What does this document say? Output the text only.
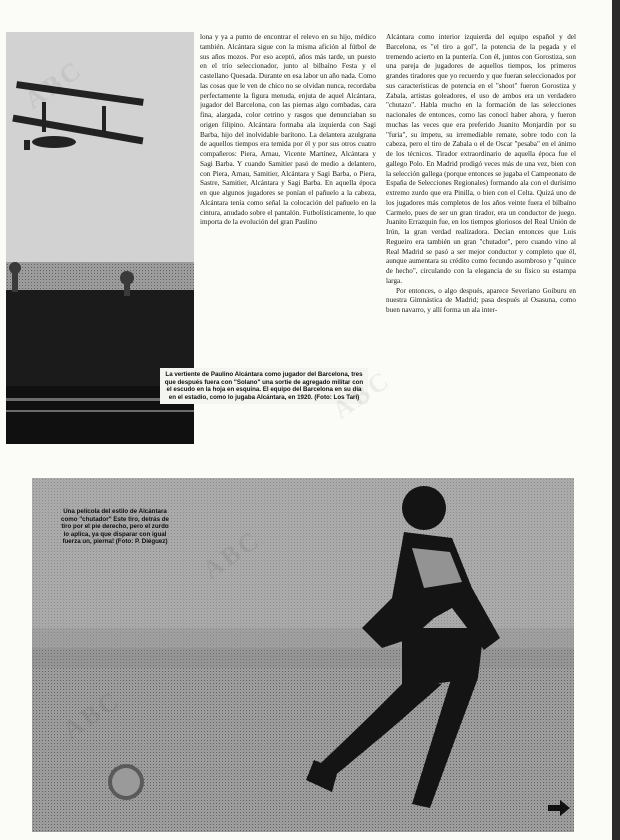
La vertiente de Paulino Alcántara como jugador del Barcelona, tres que después fuera con "Solano" una sortie de agregado militar con el escudo en la hoja en esquina. El equipo del Barcelona en su día en el estadio, como lo jugaba Alcántara, en 1920. (Foto: Los Tarí)

lona y ya a punto de encontrar el relevo en su hijo, médico también. Alcántara sigue con la misma afición al fútbol de sus años mozos. Por eso aceptó, años más tarde, un puesto en el trío seleccionador, junto al bilbaíno Festa y el castellano Quesada. Durante en esa labor un año nada. Como las cosas que le ven de chico no se olvidan nunca, recordaba perfectamente la figura menuda, enjuta de aquel Alcántara, jugador del Barcelona, con las piernas algo combadas, cara fina, alargada, color cetrino y rasgos que denunciaban su origen filipino. Alcántara formaba ala izquierda con Sagi Barba, hijo del inolvidable barítono. La delantera azulgrana de aquellos tiempos era temida por él y por sus otros cuatro compañeros: Piera, Arnau, Vicente Martínez, Alcántara y Sagi Barba. Y cuando Samitier pasó de medio a delantero, con Piera, Arnau, Samitier, Alcántara y Sagi Barba, o Piera, Sastre, Samitier, Alcántara y Sagi Barba. En aquella época en que algunos jugadores se ponían el pañuelo a la cabeza, Alcántara tenía como señal la colocación del pañuelo en la cintura, anudado sobre el pantalón. Futbolísticamente, lo que importa de la evolución del gran Paulino

Alcántara como interior izquierda del equipo español y del Barcelona, es "el tiro a gol", la potencia de la pegada y el tremendo acierto en la puntería. Con él, juntos con Gorostiza, son una pareja de jugadores de aquellos tiempos, los primeros grandes tiradores que yo recuerdo y que fueran seleccionados por sus características de potencia en el "shoot" fueron Gorostiza y Zabala, artistas goleadores, el uso de ambos era un verdadero "chutazo". Habla mucho en la formación de las selecciones nacionales de entonces, como las conocí haber ahora, y fueron muchas las veces que era preferido Juanito Monjardín por su "furia", su ímpetu, su irremediable remate, sobre todo con la cabeza, pero el tiro de Zabala o el de Oscar "pesaba" en el ánimo de los técnicos. Tirador extraordinario de aquella época fue el gallego Polo. En Madrid prodigó veces más de una vez, bien con la selección gallega (porque entonces se jugaba el Campeonato de España de Selecciones Regionales) formando ala con el durísimo extremo zurdo que era Pinilla, o bien con el Celta. Quizá uno de los jugadores más completos de los años veinte fuera el bilbaíno Carmelo, pues de ser un gran tirador, era un conductor de juego. Juanito Errazquin fue, en los tiempos gloriosos del Real Unión de Irún, la gran verdad realizadora. Decían entonces que Luis Regueiro era también un gran "chutador", pero cuando vino al Real Madrid se pasó a ser mejor conductor y completo que él, aunque aumentara su crédito como fecundo asombroso y "quince de hecho", circulando con la elegancia de su físico su estampa larga.

Por entonces, o algo después, aparece Severiano Goiburu en nuestra Gimnástica de Madrid; pasa después al Osasuna, como buen navarro, y allí forma un ala inter-

Una pelícola del estilo de Alcántara como "chutador" Este tiro, detrás de tiro por el pie derecho, pero el zurdo lo aplica, ya que disparar con igual fuerza un, pierna! (Foto: P. Diéguez)
